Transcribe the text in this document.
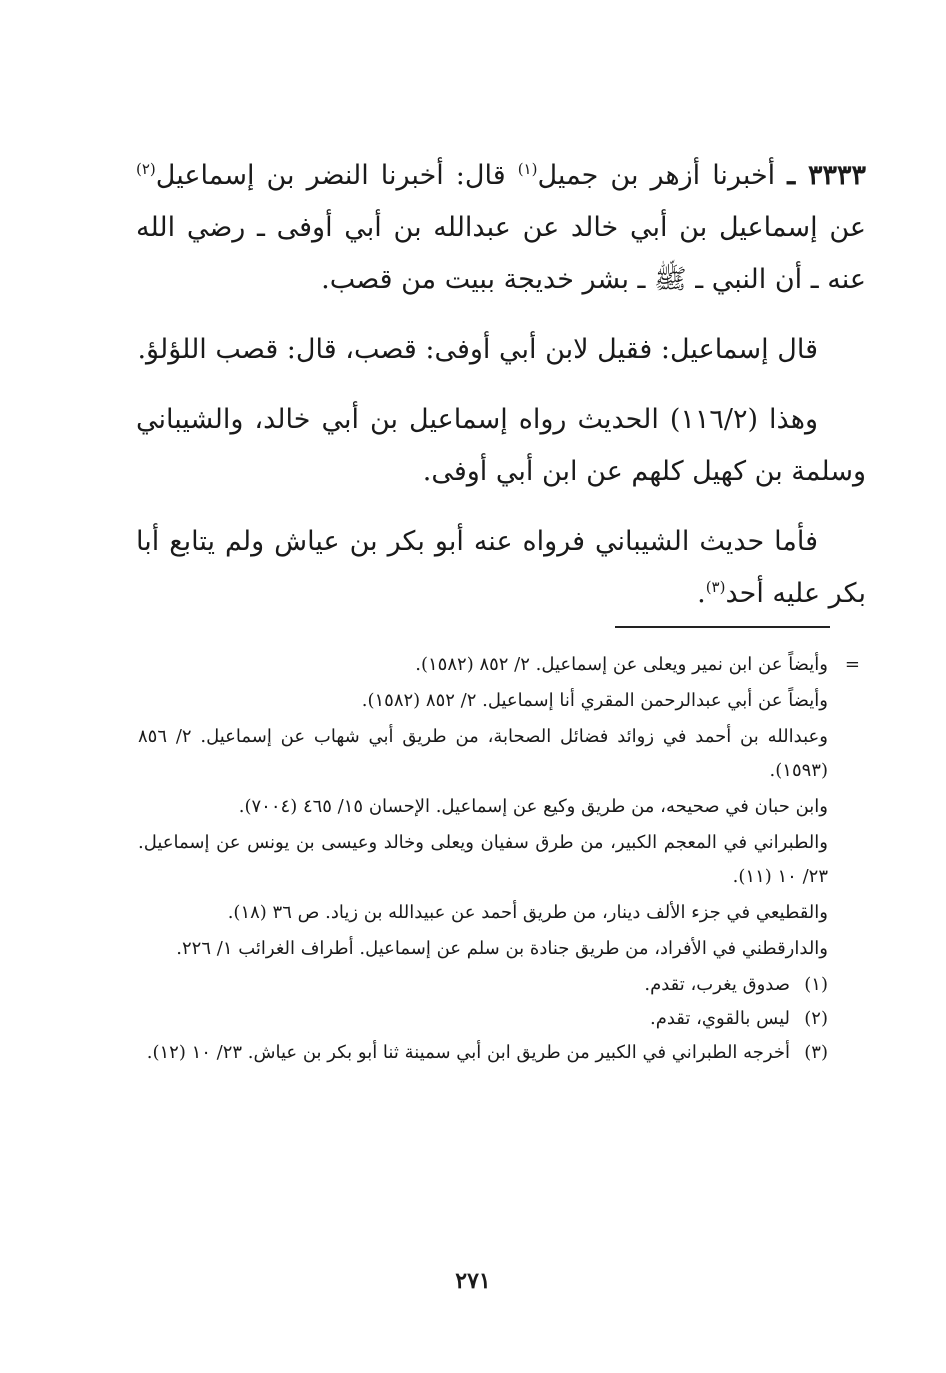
٣٣٣٣ ـ أخبرنا أزهر بن جميل$^{(١)}$ قال: أخبرنا النضر بن إسماعيل$^{(٢)}$ عن إسماعيل بن أبي خالد عن عبدالله بن أبي أوفى ـ رضي الله عنه ـ أن النبي ـ ﷺ ـ بشر خديجة ببيت من قصب.

قال إسماعيل: فقيل لابن أبي أوفى: قصب، قال: قصب اللؤلؤ.

وهذا (١١٦/٢) الحديث رواه إسماعيل بن أبي خالد، والشيباني وسلمة بن كهيل كلهم عن ابن أبي أوفى.

فأما حديث الشيباني فرواه عنه أبو بكر بن عياش ولم يتابع أبا بكر عليه أحد$^{(٣)}$.

=
وأيضاً عن ابن نمير ويعلى عن إسماعيل. ٢/ ٨٥٢ (١٥٨٢).
وأيضاً عن أبي عبدالرحمن المقري أنا إسماعيل. ٢/ ٨٥٢ (١٥٨٢).
وعبدالله بن أحمد في زوائد فضائل الصحابة، من طريق أبي شهاب عن إسماعيل. ٢/ ٨٥٦ (١٥٩٣).
وابن حبان في صحيحه، من طريق وكيع عن إسماعيل. الإحسان ١٥/ ٤٦٥ (٧٠٠٤).
والطبراني في المعجم الكبير، من طرق سفيان ويعلى وخالد وعيسى بن يونس عن إسماعيل. ٢٣/ ١٠ (١١).
والقطيعي في جزء الألف دينار، من طريق أحمد عن عبيدالله بن زياد. ص ٣٦ (١٨).
والدارقطني في الأفراد، من طريق جنادة بن سلم عن إسماعيل. أطراف الغرائب ١/ ٢٢٦.
(١)
صدوق يغرب، تقدم.
(٢)
ليس بالقوي، تقدم.
(٣)
أخرجه الطبراني في الكبير من طريق ابن أبي سمينة ثنا أبو بكر بن عياش. ٢٣/ ١٠ (١٢).
٢٧١
